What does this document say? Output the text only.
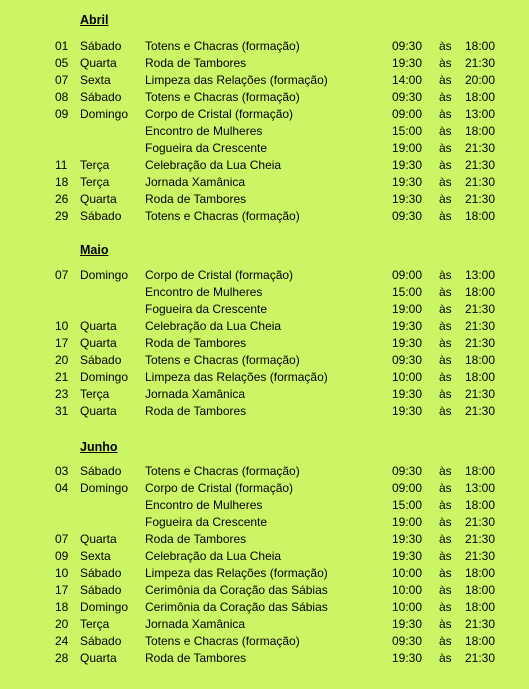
Abril
01 Sábado Totens e Chacras (formação)	09:30 às 18:00
05 Quarta Roda de Tambores	19:30 às 21:30
07 Sexta	Limpeza das Relações (formação)	14:00 às 20:00
08 Sábado Totens e Chacras (formação)	09:30 às 18:00
09 Domingo Corpo de Cristal (formação)	09:00 às 13:00
Encontro de Mulheres	15:00 às 18:00
Fogueira da Crescente	19:00 às 21:30
11	Terça	Celebração da Lua Cheia	19:30 às 21:30
18 Terça	Jornada Xamânica	19:30 às 21:30
26 Quarta Roda de Tambores	19:30 às 21:30
29 Sábado Totens e Chacras (formação)	09:30 às 18:00
Maio
07 Domingo Corpo de Cristal (formação)	09:00 às 13:00
Encontro de Mulheres	15:00 às 18:00
Fogueira da Crescente	19:00 às 21:30
10 Quarta Celebração da Lua Cheia	19:30 às 21:30
17 Quarta Roda de Tambores	19:30 às 21:30
20 Sábado Totens e Chacras (formação)	09:30 às 18:00
21 Domingo Limpeza das Relações (formação)	10:00 às 18:00
23 Terça	Jornada Xamânica	19:30 às 21:30
31 Quarta Roda de Tambores	19:30 às 21:30
Junho
03 Sábado Totens e Chacras (formação)	09:30 às 18:00
04 Domingo Corpo de Cristal (formação)	09:00 às 13:00
Encontro de Mulheres	15:00 às 18:00
Fogueira da Crescente	19:00 às 21:30
07 Quarta Roda de Tambores	19:30 às 21:30
09 Sexta	Celebração da Lua Cheia	19:30 às 21:30
10 Sábado Limpeza das Relações (formação)	10:00 às 18:00
17 Sábado Cerimônia da Coração das Sábias	10:00 às 18:00
18 Domingo Cerimônia da Coração das Sábias	10:00 às 18:00
20 Terça	Jornada Xamânica	19:30 às 21:30
24 Sábado Totens e Chacras (formação)	09:30 às 18:00
28 Quarta Roda de Tambores	19:30 às 21:30
